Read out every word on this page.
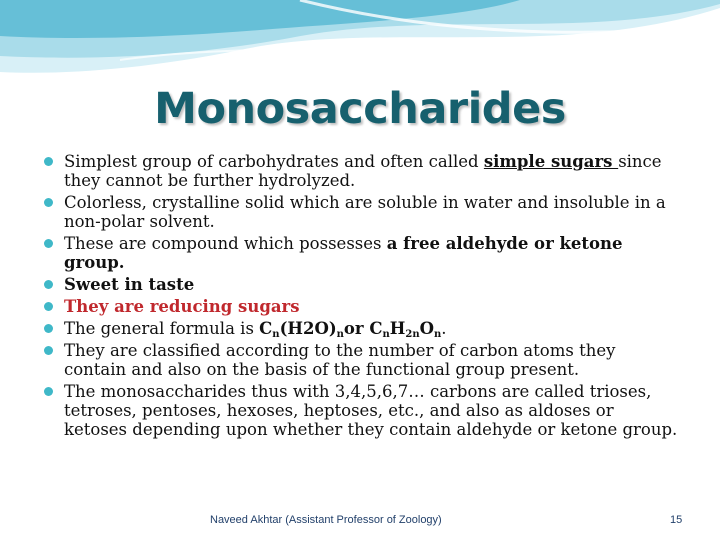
Monosaccharides
Simplest group of carbohydrates and often called simple sugars since they cannot be further hydrolyzed.
Colorless, crystalline solid which are soluble in water and insoluble in a non-polar solvent.
These are compound which possesses a free aldehyde or ketone group.
Sweet in taste
They are reducing sugars
The general formula is $C_n(H2O)_nor$ $C_nH_{2n}O_n$.
They are classified according to the number of carbon atoms they contain and also on the basis of the functional group present.
The monosaccharides thus with 3,4,5,6,7… carbons are called trioses, tetroses, pentoses, hexoses, heptoses, etc., and also as aldoses or ketoses depending upon whether they contain aldehyde or ketone group.
Naveed Akhtar (Assistant Professor of Zoology)	15
